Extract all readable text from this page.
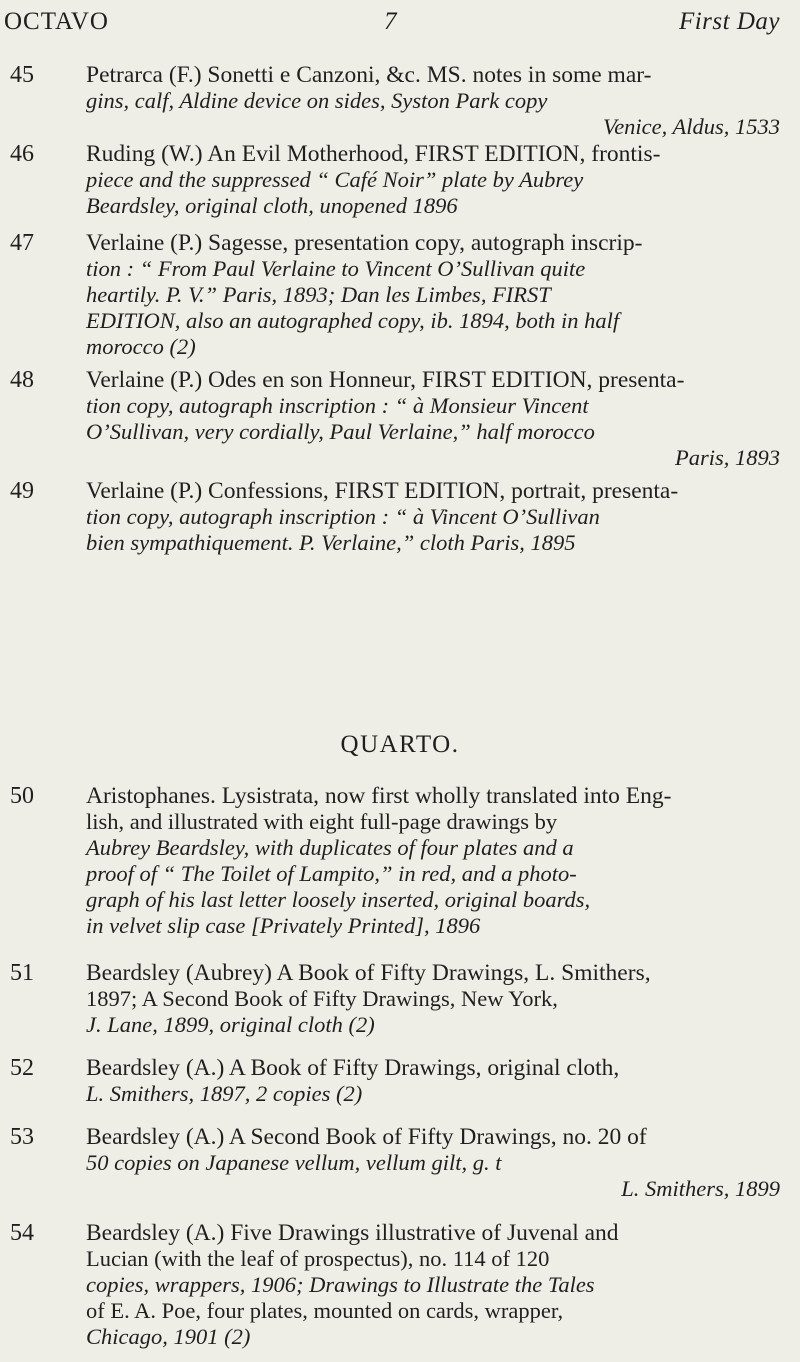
OCTAVO	7	First Day
45	Petrarca (F.) Sonetti e Canzoni, &c. MS. notes in some mar-
gins, calf, Aldine device on sides, Syston Park copy
Venice, Aldus, 1533
46	Ruding (W.) An Evil Motherhood, FIRST EDITION, frontis-
piece and the suppressed “ Café Noir” plate by Aubrey
Beardsley, original cloth, unopened 1896
47	Verlaine (P.) Sagesse, presentation copy, autograph inscrip-
tion : “ From Paul Verlaine to Vincent O’Sullivan quite
heartily. P. V.” Paris, 1893; Dan les Limbes, FIRST
EDITION, also an autographed copy, ib. 1894, both in half
morocco (2)
48	Verlaine (P.) Odes en son Honneur, FIRST EDITION, presenta-
tion copy, autograph inscription : “ à Monsieur Vincent
O’Sullivan, very cordially, Paul Verlaine,” half morocco
Paris, 1893
49	Verlaine (P.) Confessions, FIRST EDITION, portrait, presenta-
tion copy, autograph inscription : “ à Vincent O’Sullivan
bien sympathiquement. P. Verlaine,” cloth Paris, 1895
QUARTO.
50	Aristophanes. Lysistrata, now first wholly translated into Eng-
lish, and illustrated with eight full-page drawings by
Aubrey Beardsley, with duplicates of four plates and a
proof of “ The Toilet of Lampito,” in red, and a photo-
graph of his last letter loosely inserted, original boards,
in velvet slip case [Privately Printed], 1896
51	Beardsley (Aubrey) A Book of Fifty Drawings, L. Smithers,
1897; A Second Book of Fifty Drawings, New York,
J. Lane, 1899, original cloth (2)
52	Beardsley (A.) A Book of Fifty Drawings, original cloth,
L. Smithers, 1897, 2 copies (2)
53	Beardsley (A.) A Second Book of Fifty Drawings, no. 20 of
50 copies on Japanese vellum, vellum gilt, g. t
L. Smithers, 1899
54	Beardsley (A.) Five Drawings illustrative of Juvenal and
Lucian (with the leaf of prospectus), no. 114 of 120
copies, wrappers, 1906; Drawings to Illustrate the Tales
of E. A. Poe, four plates, mounted on cards, wrapper,
Chicago, 1901 (2)
